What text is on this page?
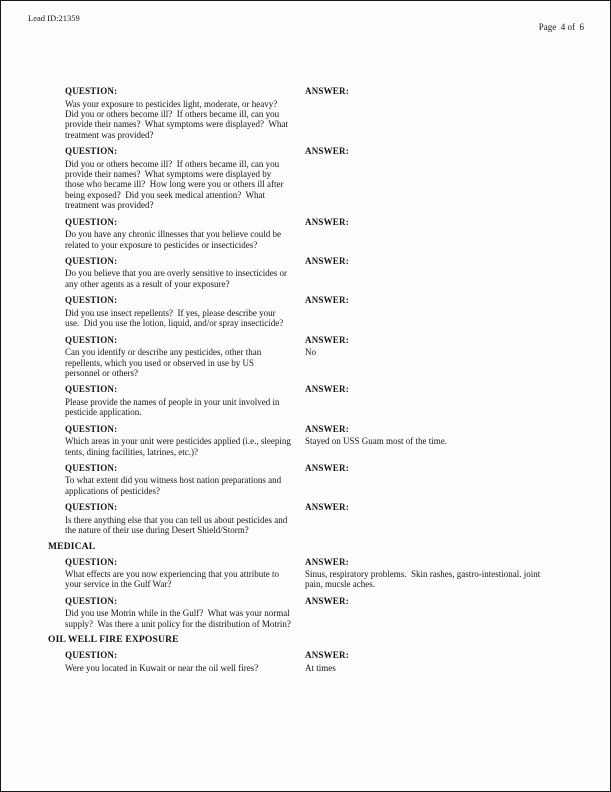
Lead ID:21359
Page  4 of  6
QUESTION:
Was your exposure to pesticides light, moderate, or heavy?  Did you or others become ill?  If others became ill, can you provide their names?  What symptoms were displayed?  What treatment was provided?
ANSWER:
QUESTION:
Did you or others become ill?  If others became ill, can you provide their names?  What symptoms were displayed by those who became ill?  How long were you or others ill after being exposed?  Did you seek medical attention?  What treatment was provided?
ANSWER:
QUESTION:
Do you have any chronic illnesses that you believe could be related to your exposure to pesticides or insecticides?
ANSWER:
QUESTION:
Do you believe that you are overly sensitive to insecticides or any other agents as a result of your exposure?
ANSWER:
QUESTION:
Did you use insect repellents?  If yes, please describe your use.  Did you use the lotion, liquid, and/or spray insecticide?
ANSWER:
QUESTION:
Can you identify or describe any pesticides, other than repellents, which you used or observed in use by US personnel or others?
ANSWER:
No
QUESTION:
Please provide the names of people in your unit involved in pesticide application.
ANSWER:
QUESTION:
Which areas in your unit were pesticides applied (i.e., sleeping tents, dining facilities, latrines, etc.)?
ANSWER:
Stayed on USS Guam most of the time.
QUESTION:
To what extent did you witness host nation preparations and applications of pesticides?
ANSWER:
QUESTION:
Is there anything else that you can tell us about pesticides and the nature of their use during Desert Shield/Storm?
ANSWER:
MEDICAL
QUESTION:
What effects are you now experiencing that you attribute to your service in the Gulf War?
ANSWER:
Sinus, respiratory problems.  Skin rashes, gastro-intestional. joint pain, mucsle aches.
QUESTION:
Did you use Motrin while in the Gulf?  What was your normal supply?  Was there a unit policy for the distribution of Motrin?
ANSWER:
OIL WELL FIRE EXPOSURE
QUESTION:
Were you located in Kuwait or near the oil well fires?
ANSWER:
At times
